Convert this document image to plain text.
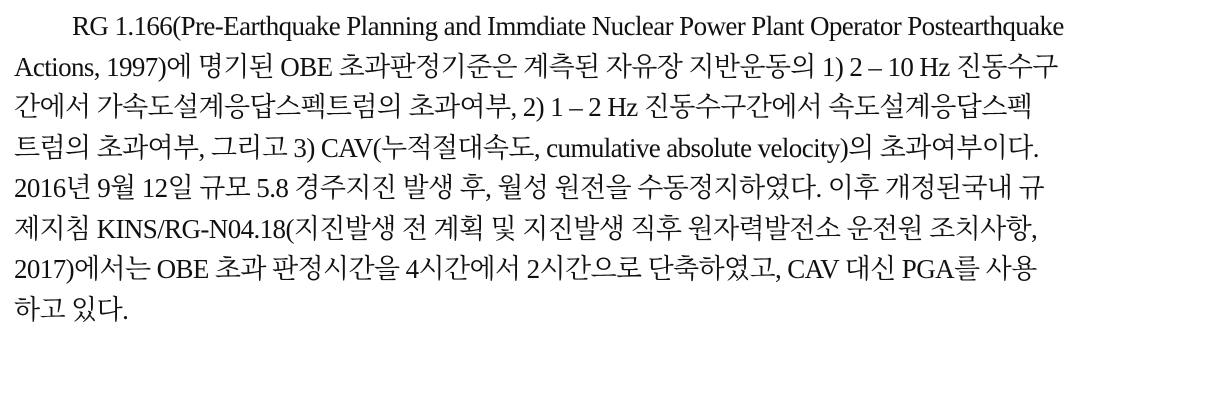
RG 1.166(Pre-Earthquake Planning and Immdiate Nuclear Power Plant Operator Postearthquake
Actions, 1997)에 명기된 OBE 초과판정기준은 계측된 자유장 지반운동의 1) 2 – 10 Hz 진동수구
간에서 가속도설계응답스펙트럼의 초과여부, 2) 1 – 2 Hz 진동수구간에서 속도설계응답스펙
트럼의 초과여부, 그리고 3) CAV(누적절대속도, cumulative absolute velocity)의 초과여부이다.
2016년 9월 12일 규모 5.8 경주지진 발생 후, 월성 원전을 수동정지하였다. 이후 개정된국내 규
제지침 KINS/RG-N04.18(지진발생 전 계획 및 지진발생 직후 원자력발전소 운전원 조치사항,
2017)에서는 OBE 초과 판정시간을 4시간에서 2시간으로 단축하였고, CAV 대신 PGA를 사용
하고 있다.
